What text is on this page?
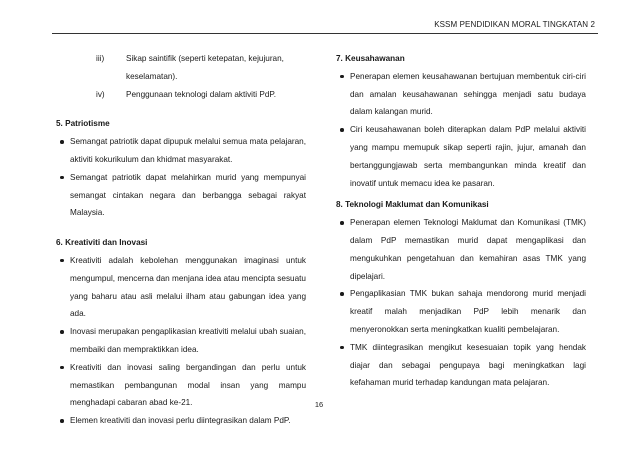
KSSM PENDIDIKAN MORAL TINGKATAN 2
iii)	Sikap saintifik (seperti ketepatan, kejujuran, keselamatan).
iv)	Penggunaan teknologi dalam aktiviti PdP.
5. Patriotisme
Semangat patriotik dapat dipupuk melalui semua mata pelajaran, aktiviti kokurikulum dan khidmat masyarakat.
Semangat patriotik dapat melahirkan murid yang mempunyai semangat cintakan negara dan berbangga sebagai rakyat Malaysia.
6. Kreativiti dan Inovasi
Kreativiti adalah kebolehan menggunakan imaginasi untuk mengumpul, mencerna dan menjana idea atau mencipta sesuatu yang baharu atau asli melalui ilham atau gabungan idea yang ada.
Inovasi merupakan pengaplikasian kreativiti melalui ubah suaian, membaiki dan mempraktikkan idea.
Kreativiti dan inovasi saling bergandingan dan perlu untuk memastikan pembangunan modal insan yang mampu menghadapi cabaran abad ke-21.
Elemen kreativiti dan inovasi perlu diintegrasikan dalam PdP.
7. Keusahawanan
Penerapan elemen keusahawanan bertujuan membentuk ciri-ciri dan amalan keusahawanan sehingga menjadi satu budaya dalam kalangan murid.
Ciri keusahawanan boleh diterapkan dalam PdP melalui aktiviti yang mampu memupuk sikap seperti rajin, jujur, amanah dan bertanggungjawab serta membangunkan minda kreatif dan inovatif untuk memacu idea ke pasaran.
8. Teknologi Maklumat dan Komunikasi
Penerapan elemen Teknologi Maklumat dan Komunikasi (TMK) dalam PdP memastikan murid dapat mengaplikasi dan mengukuhkan pengetahuan dan kemahiran asas TMK yang dipelajari.
Pengaplikasian TMK bukan sahaja mendorong murid menjadi kreatif malah menjadikan PdP lebih menarik dan menyeronokkan serta meningkatkan kualiti pembelajaran.
TMK diintegrasikan mengikut kesesuaian topik yang hendak diajar dan sebagai pengupaya bagi meningkatkan lagi kefahaman murid terhadap kandungan mata pelajaran.
16
